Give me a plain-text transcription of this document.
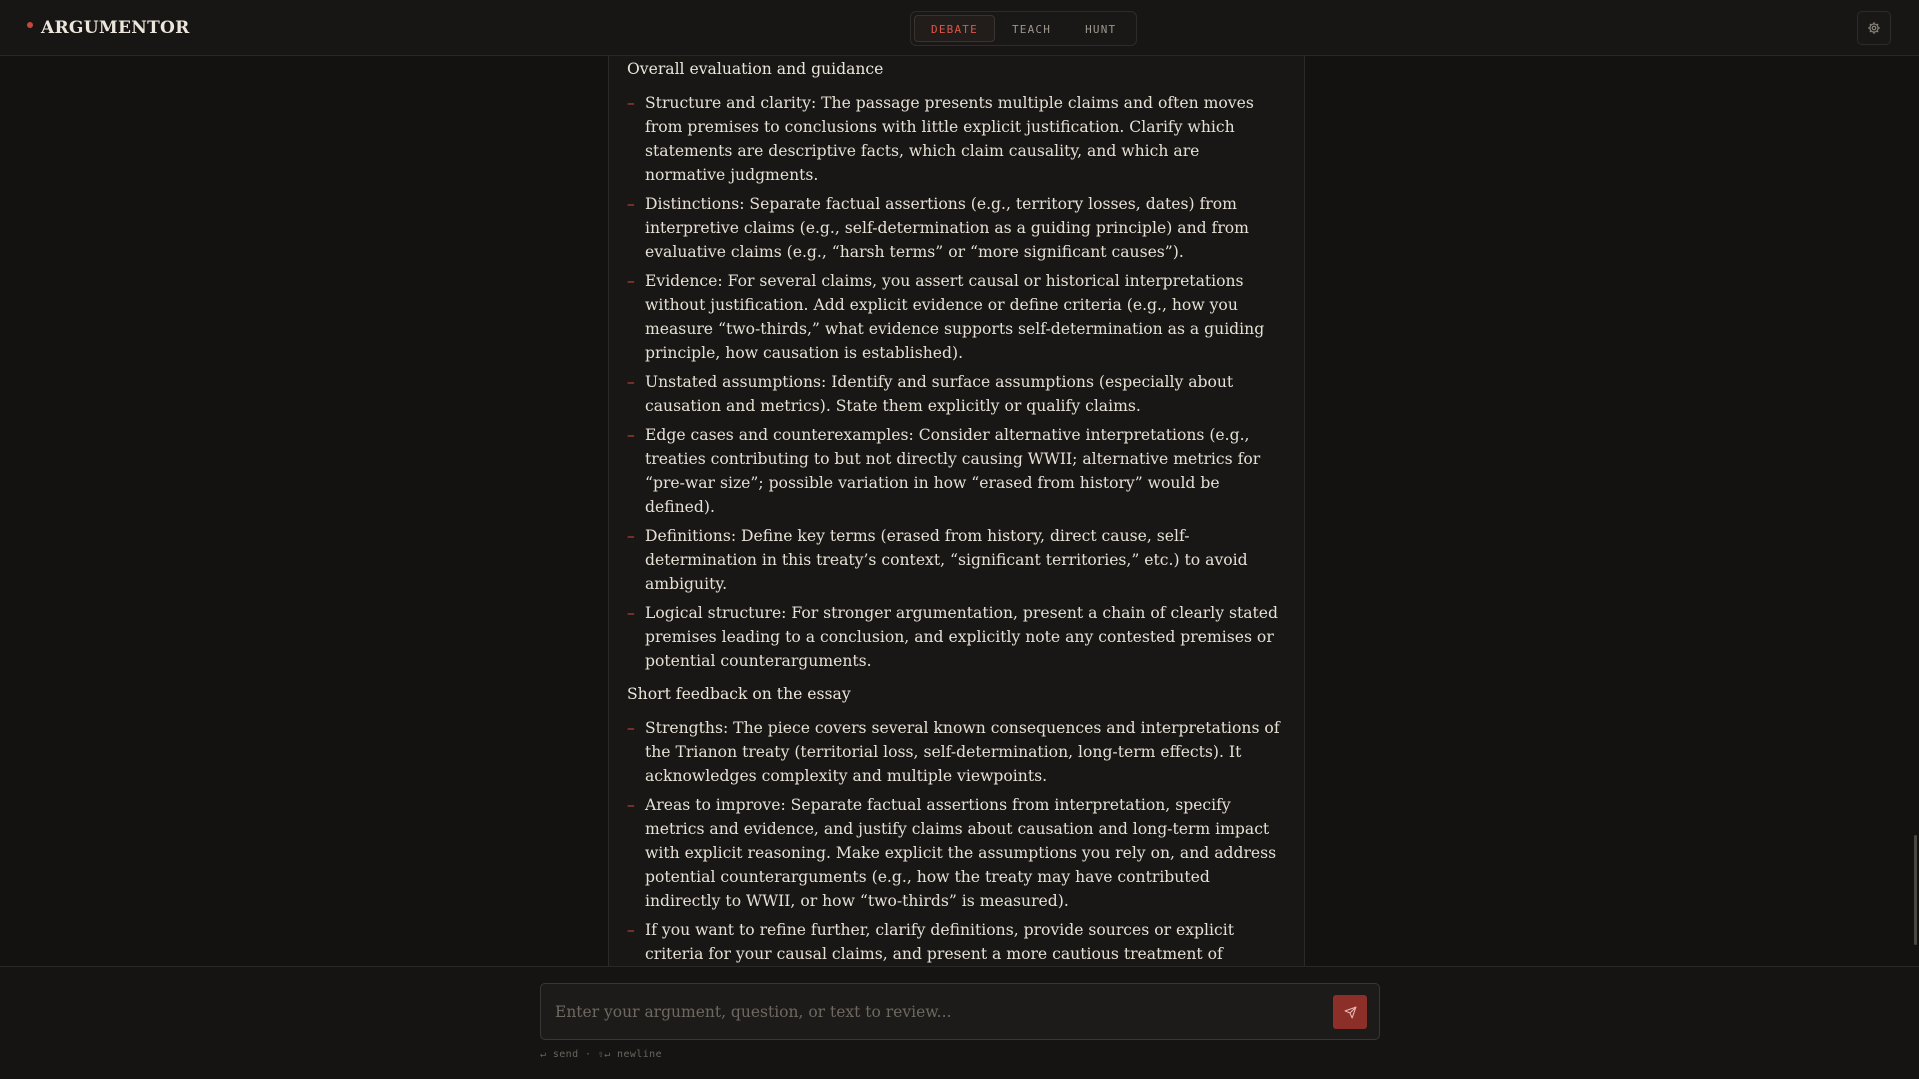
ARGUMENTOR	DEBATE	TEACH	HUNT
Overall evaluation and guidance
– Structure and clarity: The passage presents multiple claims and often moves from premises to conclusions with little explicit justification. Clarify which statements are descriptive facts, which claim causality, and which are normative judgments.
– Distinctions: Separate factual assertions (e.g., territory losses, dates) from interpretive claims (e.g., self-determination as a guiding principle) and from evaluative claims (e.g., “harsh terms” or “more significant causes”).
– Evidence: For several claims, you assert causal or historical interpretations without justification. Add explicit evidence or define criteria (e.g., how you measure “two-thirds,” what evidence supports self-determination as a guiding principle, how causation is established).
– Unstated assumptions: Identify and surface assumptions (especially about causation and metrics). State them explicitly or qualify claims.
– Edge cases and counterexamples: Consider alternative interpretations (e.g., treaties contributing to but not directly causing WWII; alternative metrics for “pre-war size”; possible variation in how “erased from history” would be defined).
– Definitions: Define key terms (erased from history, direct cause, self-determination in this treaty’s context, “significant territories,” etc.) to avoid ambiguity.
– Logical structure: For stronger argumentation, present a chain of clearly stated premises leading to a conclusion, and explicitly note any contested premises or potential counterarguments.
Short feedback on the essay
– Strengths: The piece covers several known consequences and interpretations of the Trianon treaty (territorial loss, self-determination, long-term effects). It acknowledges complexity and multiple viewpoints.
– Areas to improve: Separate factual assertions from interpretation, specify metrics and evidence, and justify claims about causation and long-term impact with explicit reasoning. Make explicit the assumptions you rely on, and address potential counterarguments (e.g., how the treaty may have contributed indirectly to WWII, or how “two-thirds” is measured).
– If you want to refine further, clarify definitions, provide sources or explicit criteria for your causal claims, and present a more cautious treatment of
Enter your argument, question, or text to review...
↵ send · ⇧↵ newline
